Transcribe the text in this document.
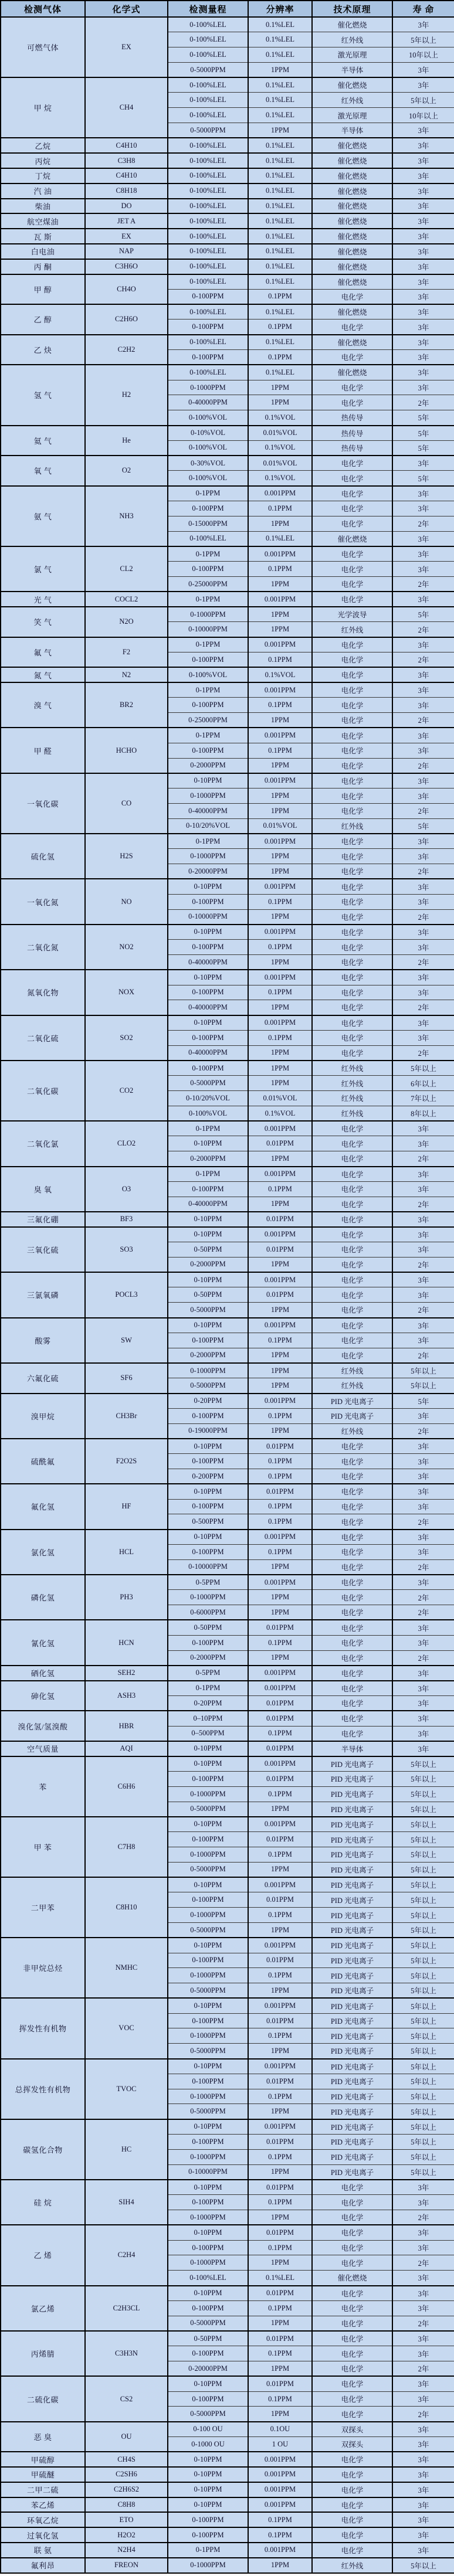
检测气体	化学式	检测量程	分辨率	技术原理	寿 命
可燃气体	EX	0-100%LEL	0.1%LEL	催化燃烧	3年
		0-100%LEL	0.1%LEL	红外线	5年以上
		0-100%LEL	0.1%LEL	激光原理	10年以上
		0-5000PPM	1PPM	半导体	3年
甲 烷	CH4	0-100%LEL	0.1%LEL	催化燃烧	3年
		0-100%LEL	0.1%LEL	红外线	5年以上
		0-100%LEL	0.1%LEL	激光原理	10年以上
		0-5000PPM	1PPM	半导体	3年
乙烷	C4H10	0-100%LEL	0.1%LEL	催化燃烧	3年
丙烷	C3H8	0-100%LEL	0.1%LEL	催化燃烧	3年
丁烷	C4H10	0-100%LEL	0.1%LEL	催化燃烧	3年
汽 油	C8H18	0-100%LEL	0.1%LEL	催化燃烧	3年
柴油	DO	0-100%LEL	0.1%LEL	催化燃烧	3年
航空煤油	JET A	0-100%LEL	0.1%LEL	催化燃烧	3年
瓦 斯	EX	0-100%LEL	0.1%LEL	催化燃烧	3年
白电油	NAP	0-100%LEL	0.1%LEL	催化燃烧	3年
丙 酮	C3H6O	0-100%LEL	0.1%LEL	催化燃烧	3年
甲 醇	CH4O	0-100%LEL	0.1%LEL	催化燃烧	3年
		0-100PPM	0.1PPM	电化学	3年
乙 醇	C2H6O	0-100%LEL	0.1%LEL	催化燃烧	3年
		0-100PPM	0.1PPM	电化学	3年
乙 炔	C2H2	0-100%LEL	0.1%LEL	催化燃烧	3年
		0-100PPM	0.1PPM	电化学	3年
氢 气	H2	0-100%LEL	0.1%LEL	催化燃烧	3年
		0-1000PPM	1PPM	电化学	3年
		0-40000PPM	1PPM	电化学	2年
		0-100%VOL	0.1%VOL	热传导	5年
氦 气	He	0-10%VOL	0.01%VOL	热传导	5年
		0-100%VOL	0.1%VOL	热传导	5年
氧 气	O2	0-30%VOL	0.01%VOL	电化学	3年
		0-100%VOL	0.1%VOL	电化学	5年
氨 气	NH3	0-1PPM	0.001PPM	电化学	3年
		0-100PPM	0.1PPM	电化学	3年
		0-15000PPM	1PPM	电化学	2年
		0-100%LEL	0.1%LEL	催化燃烧	3年
氯 气	CL2	0-1PPM	0.001PPM	电化学	3年
		0-100PPM	0.1PPM	电化学	3年
		0-25000PPM	1PPM	电化学	2年
光 气	COCL2	0-1PPM	0.001PPM	电化学	3年
笑 气	N2O	0-1000PPM	1PPM	光学波导	5年
		0-10000PPM	1PPM	红外线	2年
氟 气	F2	0-1PPM	0.001PPM	电化学	3年
		0-100PPM	0.1PPM	电化学	2年
氮 气	N2	0-100%VOL	0.1%VOL	电化学	3年
溴 气	BR2	0-1PPM	0.001PPM	电化学	3年
		0-100PPM	0.1PPM	电化学	3年
		0-25000PPM	1PPM	电化学	2年
甲 醛	HCHO	0-1PPM	0.001PPM	电化学	3年
		0-100PPM	0.1PPM	电化学	3年
		0-2000PPM	1PPM	电化学	2年
一氧化碳	CO	0-10PPM	0.001PPM	电化学	3年
		0-1000PPM	1PPM	电化学	3年
		0-40000PPM	1PPM	电化学	2年
		0-10/20%VOL	0.01%VOL	红外线	5年
硫化氢	H2S	0-1PPM	0.001PPM	电化学	3年
		0-1000PPM	1PPM	电化学	3年
		0-20000PPM	1PPM	电化学	2年
一氧化氮	NO	0-10PPM	0.001PPM	电化学	3年
		0-100PPM	0.1PPM	电化学	3年
		0-10000PPM	1PPM	电化学	2年
二氧化氮	NO2	0-10PPM	0.001PPM	电化学	3年
		0-100PPM	0.1PPM	电化学	3年
		0-40000PPM	1PPM	电化学	2年
氮氧化物	NOX	0-10PPM	0.001PPM	电化学	3年
		0-100PPM	0.1PPM	电化学	3年
		0-40000PPM	1PPM	电化学	2年
二氧化硫	SO2	0-10PPM	0.001PPM	电化学	3年
		0-100PPM	0.1PPM	电化学	3年
		0-40000PPM	1PPM	电化学	2年
二氧化碳	CO2	0-100PPM	1PPM	红外线	5年以上
		0-5000PPM	1PPM	红外线	6年以上
		0-10/20%VOL	0.01%VOL	红外线	7年以上
		0-100%VOL	0.1%VOL	红外线	8年以上
二氧化氯	CLO2	0-1PPM	0.001PPM	电化学	3年
		0-10PPM	0.01PPM	电化学	3年
		0-2000PPM	1PPM	电化学	2年
臭 氧	O3	0-1PPM	0.001PPM	电化学	3年
		0-100PPM	0.1PPM	电化学	3年
		0-40000PPM	1PPM	电化学	2年
三氟化硼	BF3	0-10PPM	0.01PPM	电化学	3年
三氧化硫	SO3	0-10PPM	0.001PPM	电化学	3年
		0-50PPM	0.01PPM	电化学	3年
		0-2000PPM	1PPM	电化学	2年
三氯氧磷	POCL3	0-10PPM	0.001PPM	电化学	3年
		0-50PPM	0.01PPM	电化学	3年
		0-5000PPM	1PPM	电化学	2年
酸雾	SW	0-10PPM	0.001PPM	电化学	3年
		0-100PPM	0.1PPM	电化学	3年
		0-2000PPM	1PPM	电化学	2年
六氟化硫	SF6	0-1000PPM	1PPM	红外线	5年以上
		0-5000PPM	1PPM	红外线	5年以上
溴甲烷	CH3Br	0-20PPM	0.001PPM	PID 光电离子	5年
		0-100PPM	0.1PPM	PID 光电离子	3年
		0-19000PPM	1PPM	红外线	2年
硫酰氟	F2O2S	0-10PPM	0.01PPM	电化学	3年
		0-100PPM	0.1PPM	电化学	3年
		0-200PPM	0.1PPM	电化学	3年
氟化氢	HF	0-10PPM	0.01PPM	电化学	3年
		0-100PPM	0.1PPM	电化学	3年
		0-500PPM	0.1PPM	电化学	2年
氯化氢	HCL	0-10PPM	0.001PPM	电化学	3年
		0-100PPM	0.1PPM	电化学	3年
		0-10000PPM	1PPM	电化学	2年
磷化氢	PH3	0-5PPM	0.001PPM	电化学	3年
		0-1000PPM	1PPM	电化学	2年
		0-6000PPM	1PPM	电化学	2年
氰化氢	HCN	0-50PPM	0.01PPM	电化学	3年
		0-100PPM	0.1PPM	电化学	3年
		0-2000PPM	1PPM	电化学	2年
硒化氢	SEH2	0-5PPM	0.001PPM	电化学	3年
砷化氢	ASH3	0-1PPM	0.001PPM	电化学	3年
		0-20PPM	0.01PPM	电化学	3年
溴化氢/氢溴酸	HBR	0–10PPM	0.01PPM	电化学	3年
		0–500PPM	0.1PPM	电化学	3年
空气质量	AQI	0-10PPM	0.01PPM	半导体	3年
苯	C6H6	0-10PPM	0.001PPM	PID 光电离子	5年以上
		0-100PPM	0.01PPM	PID 光电离子	5年以上
		0-1000PPM	0.1PPM	PID 光电离子	5年以上
		0-5000PPM	1PPM	PID 光电离子	5年以上
甲 苯	C7H8	0-10PPM	0.001PPM	PID 光电离子	5年以上
		0-100PPM	0.01PPM	PID 光电离子	5年以上
		0-1000PPM	0.1PPM	PID 光电离子	5年以上
		0-5000PPM	1PPM	PID 光电离子	5年以上
二甲苯	C8H10	0-10PPM	0.001PPM	PID 光电离子	5年以上
		0-100PPM	0.01PPM	PID 光电离子	5年以上
		0-1000PPM	0.1PPM	PID 光电离子	5年以上
		0-5000PPM	1PPM	PID 光电离子	5年以上
非甲烷总烃	NMHC	0-10PPM	0.001PPM	PID 光电离子	5年以上
		0-100PPM	0.01PPM	PID 光电离子	5年以上
		0-1000PPM	0.1PPM	PID 光电离子	5年以上
		0-5000PPM	1PPM	PID 光电离子	5年以上
挥发性有机物	VOC	0-10PPM	0.001PPM	PID 光电离子	5年以上
		0-100PPM	0.01PPM	PID 光电离子	5年以上
		0-1000PPM	0.1PPM	PID 光电离子	5年以上
		0-5000PPM	1PPM	PID 光电离子	5年以上
总挥发性有机物	TVOC	0-10PPM	0.001PPM	PID 光电离子	5年以上
		0-100PPM	0.01PPM	PID 光电离子	5年以上
		0-1000PPM	0.1PPM	PID 光电离子	5年以上
		0-5000PPM	1PPM	PID 光电离子	5年以上
碳氢化合物	HC	0-10PPM	0.001PPM	PID 光电离子	5年以上
		0-100PPM	0.01PPM	PID 光电离子	5年以上
		0-1000PPM	0.1PPM	PID 光电离子	5年以上
		0-10000PPM	1PPM	PID 光电离子	5年以上
硅 烷	SIH4	0-10PPM	0.01PPM	电化学	3年
		0-100PPM	0.1PPM	电化学	3年
		0-1000PPM	1PPM	电化学	2年
乙 烯	C2H4	0-10PPM	0.01PPM	电化学	3年
		0-100PPM	0.1PPM	电化学	3年
		0-1000PPM	1PPM	电化学	2年
		0-100%LEL	0.1%LEL	催化燃烧	3年
氯乙烯	C2H3CL	0-10PPM	0.01PPM	电化学	3年
		0-100PPM	0.1PPM	电化学	3年
		0-5000PPM	1PPM	电化学	2年
丙烯腈	C3H3N	0-50PPM	0.01PPM	电化学	3年
		0-100PPM	0.1PPM	电化学	3年
		0-20000PPM	1PPM	电化学	2年
二硫化碳	CS2	0-10PPM	0.01PPM	电化学	3年
		0-100PPM	0.1PPM	电化学	3年
		0-5000PPM	1PPM	电化学	2年
恶 臭	OU	0-100 OU	0.1OU	双探头	3年
		0-1000 OU	1 OU	双探头	3年
甲硫醇	CH4S	0-10PPM	0.001PPM	电化学	3年
甲硫醚	C2SH6	0-10PPM	0.001PPM	电化学	3年
二甲二硫	C2H6S2	0-10PPM	0.001PPM	电化学	3年
苯乙烯	C8H8	0-10PPM	0.001PPM	电化学	3年
环氧乙烷	ETO	0-100PPM	0.1PPM	电化学	3年
过氧化氢	H2O2	0-100PPM	0.1PPM	电化学	3年
联 氨	N2H4	0-1PPM	0.001PPM	电化学	3年
氟利昂	FREON	0-1000PPM	1PPM	红外线	5年以上
